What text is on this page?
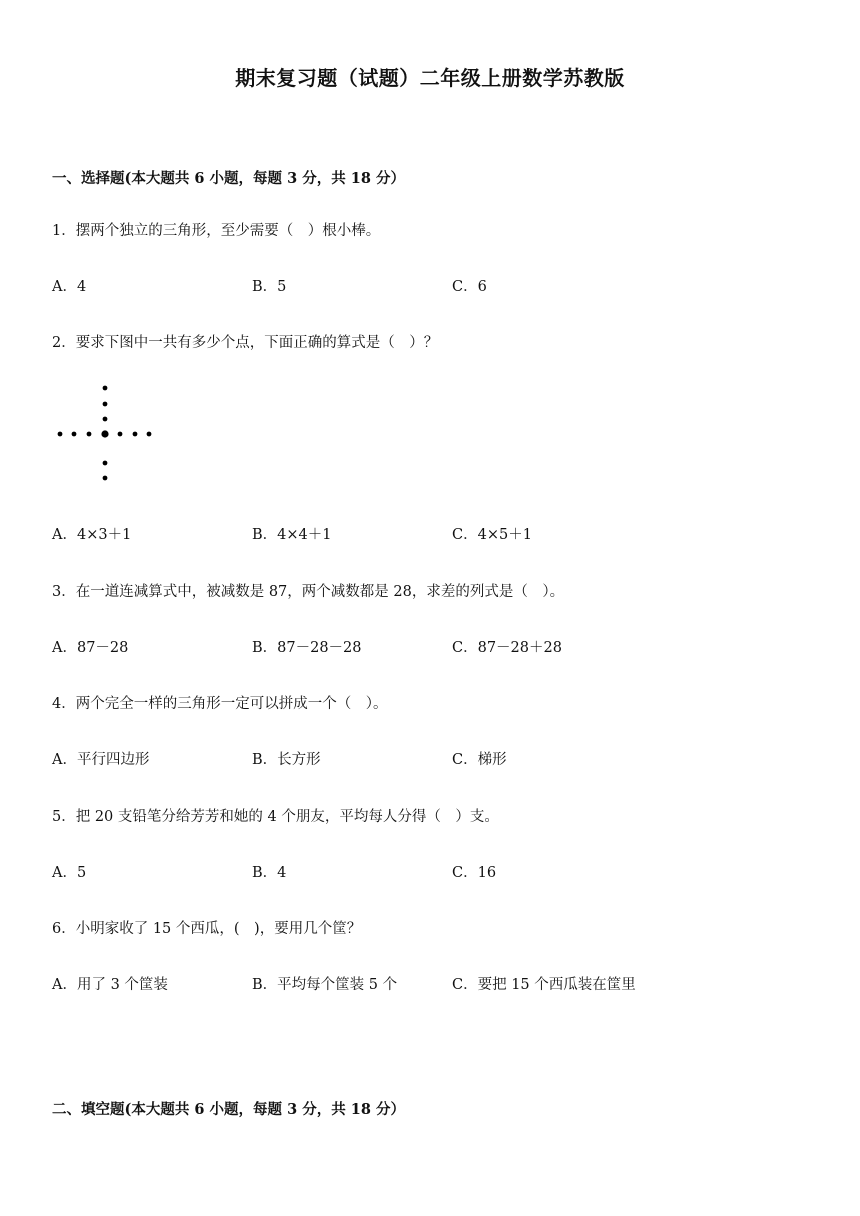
期末复习题（试题）二年级上册数学苏教版
一、选择题(本大题共 6 小题，每题 3 分，共 18 分）
1．摆两个独立的三角形，至少需要（　）根小棒。
A．4	B．5	C．6
2．要求下图中一共有多少个点，下面正确的算式是（　）？
A．4×3＋1	B．4×4＋1	C．4×5＋1
3．在一道连减算式中，被减数是 87，两个减数都是 28，求差的列式是（　）。
A．87－28	B．87－28－28	C．87－28＋28
4．两个完全一样的三角形一定可以拼成一个（　）。
A．平行四边形	B．长方形	C．梯形
5．把 20 支铅笔分给芳芳和她的 4 个朋友，平均每人分得（　）支。
A．5	B．4	C．16
6．小明家收了 15 个西瓜，(　)，要用几个筐？
A．用了 3 个筐装	B．平均每个筐装 5 个	C．要把 15 个西瓜装在筐里
二、填空题(本大题共 6 小题，每题 3 分，共 18 分）
